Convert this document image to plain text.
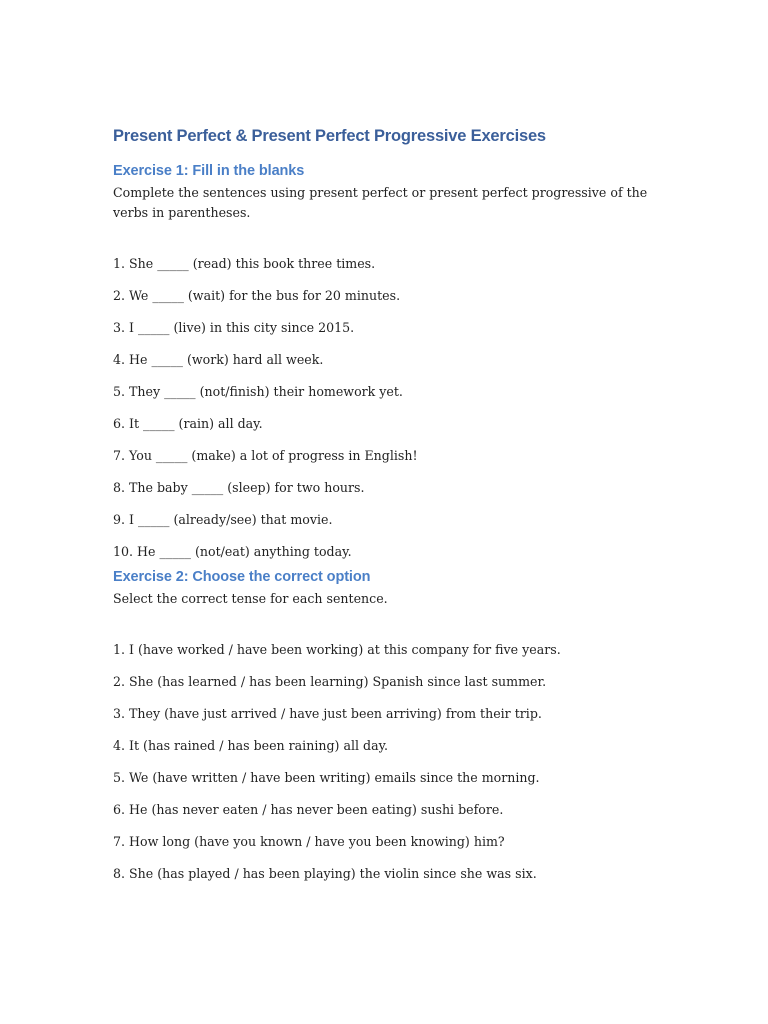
Present Perfect & Present Perfect Progressive Exercises
Exercise 1: Fill in the blanks

Complete the sentences using present perfect or present perfect progressive of the verbs in parentheses.

1. She _____ (read) this book three times.
2. We _____ (wait) for the bus for 20 minutes.
3. I _____ (live) in this city since 2015.
4. He _____ (work) hard all week.
5. They _____ (not/finish) their homework yet.
6. It _____ (rain) all day.
7. You _____ (make) a lot of progress in English!
8. The baby _____ (sleep) for two hours.
9. I _____ (already/see) that movie.
10. He _____ (not/eat) anything today.
Exercise 2: Choose the correct option

Select the correct tense for each sentence.

1. I (have worked / have been working) at this company for five years.
2. She (has learned / has been learning) Spanish since last summer.
3. They (have just arrived / have just been arriving) from their trip.
4. It (has rained / has been raining) all day.
5. We (have written / have been writing) emails since the morning.
6. He (has never eaten / has never been eating) sushi before.
7. How long (have you known / have you been knowing) him?
8. She (has played / has been playing) the violin since she was six.
